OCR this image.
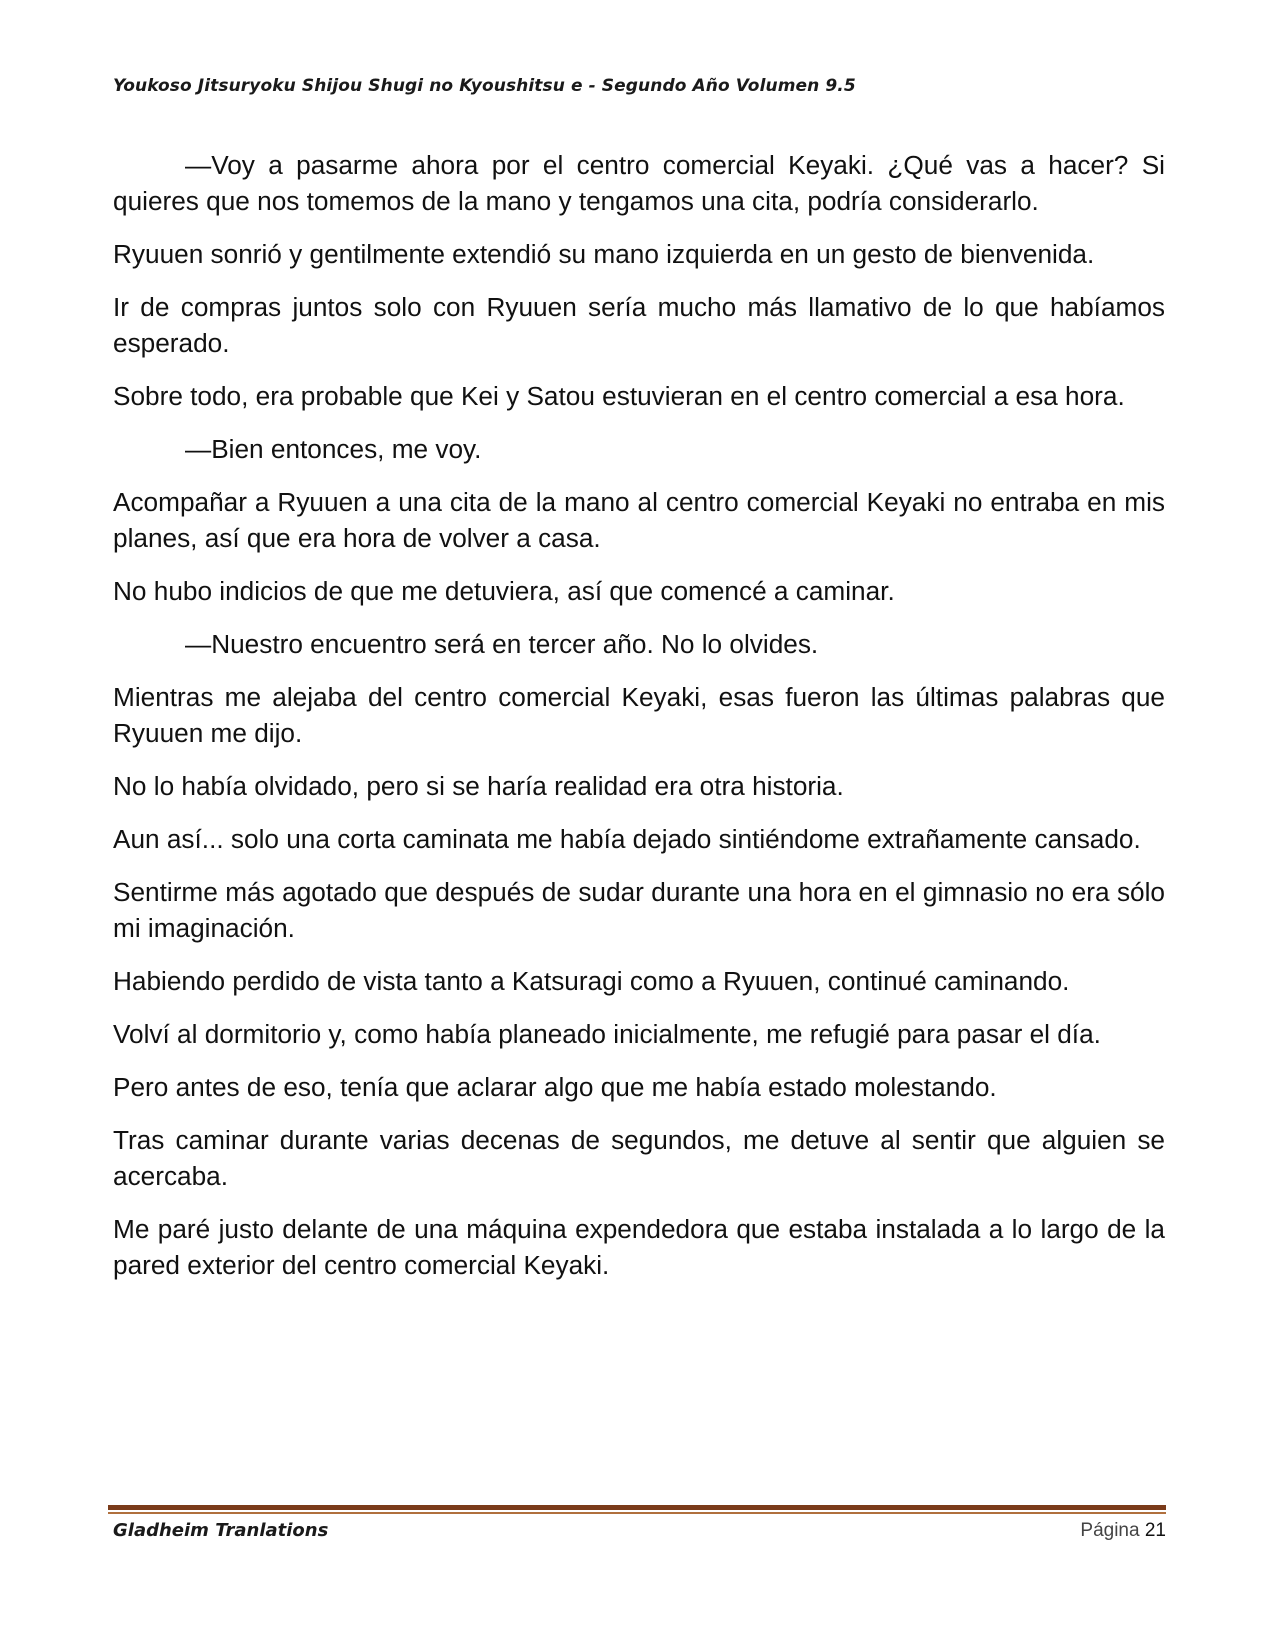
Youkoso Jitsuryoku Shijou Shugi no Kyoushitsu e - Segundo Año Volumen 9.5

—Voy a pasarme ahora por el centro comercial Keyaki. ¿Qué vas a hacer? Si quieres que nos tomemos de la mano y tengamos una cita, podría considerarlo.

Ryuuen sonrió y gentilmente extendió su mano izquierda en un gesto de bienvenida.

Ir de compras juntos solo con Ryuuen sería mucho más llamativo de lo que habíamos esperado.

Sobre todo, era probable que Kei y Satou estuvieran en el centro comercial a esa hora.

—Bien entonces, me voy.

Acompañar a Ryuuen a una cita de la mano al centro comercial Keyaki no entraba en mis planes, así que era hora de volver a casa.

No hubo indicios de que me detuviera, así que comencé a caminar.

—Nuestro encuentro será en tercer año. No lo olvides.

Mientras me alejaba del centro comercial Keyaki, esas fueron las últimas palabras que Ryuuen me dijo.

No lo había olvidado, pero si se haría realidad era otra historia.

Aun así... solo una corta caminata me había dejado sintiéndome extrañamente cansado.

Sentirme más agotado que después de sudar durante una hora en el gimnasio no era sólo mi imaginación.

Habiendo perdido de vista tanto a Katsuragi como a Ryuuen, continué caminando.

Volví al dormitorio y, como había planeado inicialmente, me refugié para pasar el día.

Pero antes de eso, tenía que aclarar algo que me había estado molestando.

Tras caminar durante varias decenas de segundos, me detuve al sentir que alguien se acercaba.

Me paré justo delante de una máquina expendedora que estaba instalada a lo largo de la pared exterior del centro comercial Keyaki.

Gladheim Tranlations	Página 21
